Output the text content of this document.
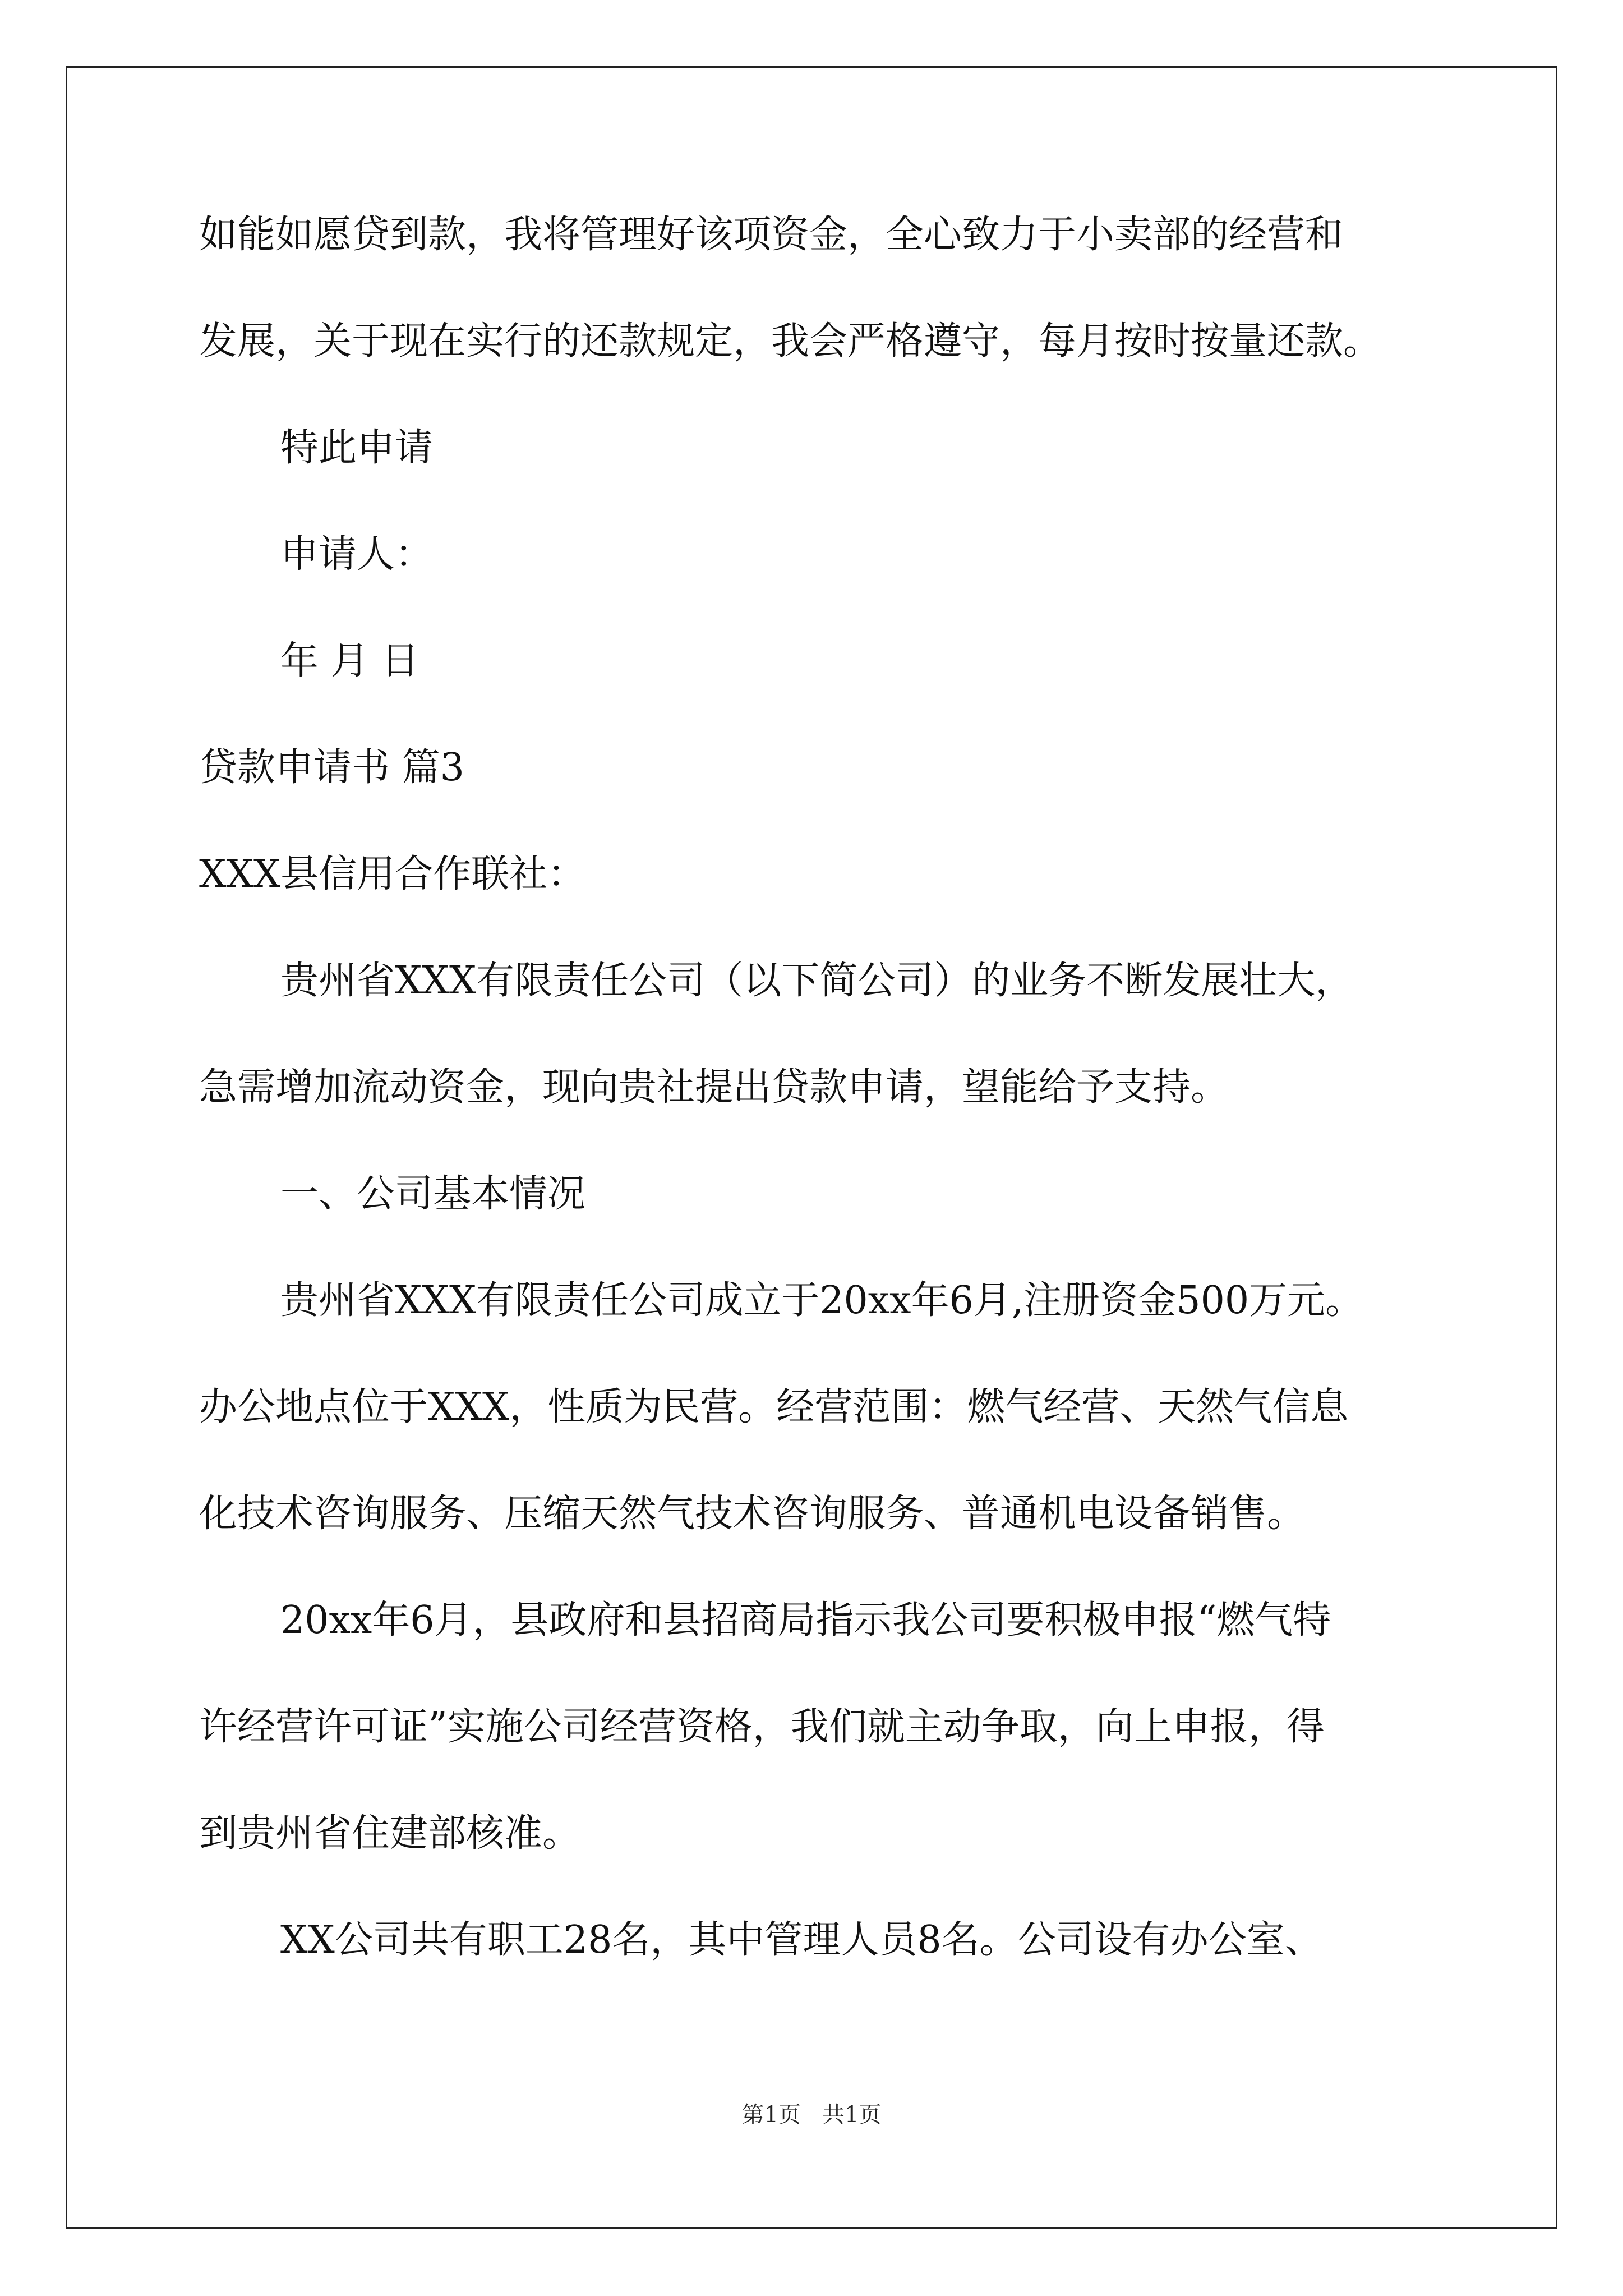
如能如愿贷到款，我将管理好该项资金，全心致力于小卖部的经营和
发展，关于现在实行的还款规定，我会严格遵守，每月按时按量还款。
特此申请
申请人：
年 月 日
贷款申请书 篇3
XXX县信用合作联社：
贵州省XXX有限责任公司（以下简公司）的业务不断发展壮大，
急需增加流动资金，现向贵社提出贷款申请，望能给予支持。
一、公司基本情况
贵州省XXX有限责任公司成立于20xx年6月,注册资金500万元。
办公地点位于XXX，性质为民营。经营范围：燃气经营、天然气信息
化技术咨询服务、压缩天然气技术咨询服务、普通机电设备销售。
20xx年6月，县政府和县招商局指示我公司要积极申报“燃气特
许经营许可证”实施公司经营资格，我们就主动争取，向上申报，得
到贵州省住建部核准。
XX公司共有职工28名，其中管理人员8名。公司设有办公室、
第1页   共1页
